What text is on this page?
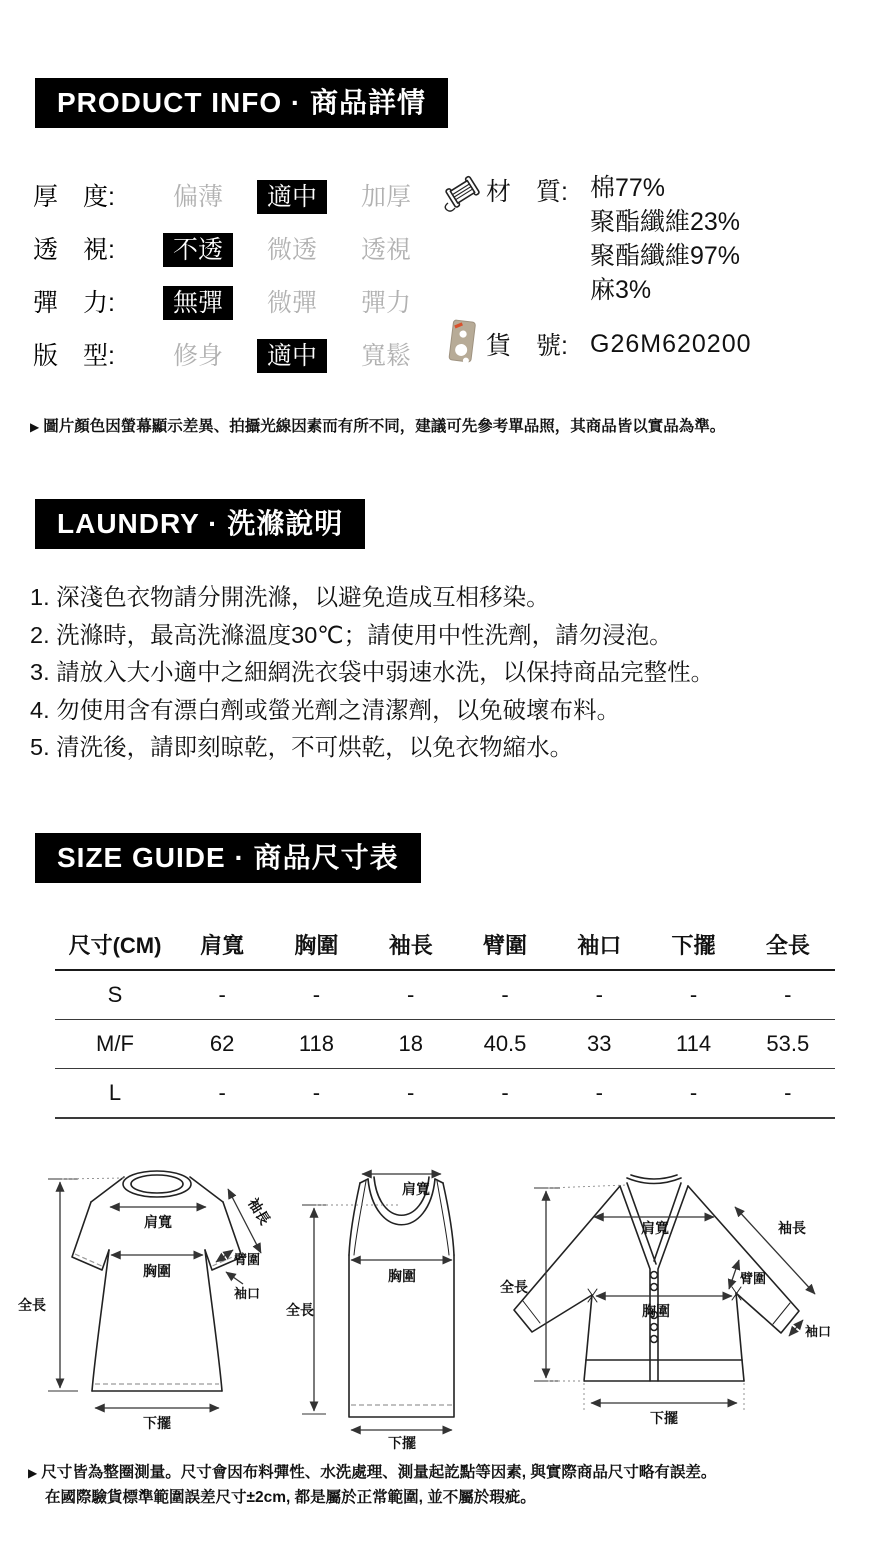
PRODUCT INFO · 商品詳情
厚　度:	偏薄	適中	加厚
透　視:	不透	微透	透視
彈　力:	無彈	微彈	彈力
版　型:	修身	適中	寬鬆
材　質: 棉77%
聚酯纖維23%
聚酯纖維97%
麻3%
貨　號: G26M620200
▶ 圖片顏色因螢幕顯示差異、拍攝光線因素而有所不同，建議可先參考單品照，其商品皆以實品為準。
LAUNDRY · 洗滌說明
1. 深淺色衣物請分開洗滌，以避免造成互相移染。
2. 洗滌時，最高洗滌溫度30℃；請使用中性洗劑，請勿浸泡。
3. 請放入大小適中之細網洗衣袋中弱速水洗，以保持商品完整性。
4. 勿使用含有漂白劑或螢光劑之清潔劑，以免破壞布料。
5. 清洗後，請即刻晾乾，不可烘乾，以免衣物縮水。
SIZE GUIDE · 商品尺寸表
尺寸(CM)	肩寬	胸圍	袖長	臂圍	袖口	下擺	全長
S	-	-	-	-	-	-	-
M/F	62	118	18	40.5	33	114	53.5
L	-	-	-	-	-	-	-
全長
肩寬
胸圍
袖長
臂圍
袖口
下擺
全長
肩寬
胸圍
下擺
全長
肩寬	袖長
臂圍
胸圍
袖口
下擺
▶ 尺寸皆為整圈測量。尺寸會因布料彈性、水洗處理、測量起訖點等因素, 與實際商品尺寸略有誤差。
在國際驗貨標準範圍誤差尺寸±2cm, 都是屬於正常範圍, 並不屬於瑕疵。
